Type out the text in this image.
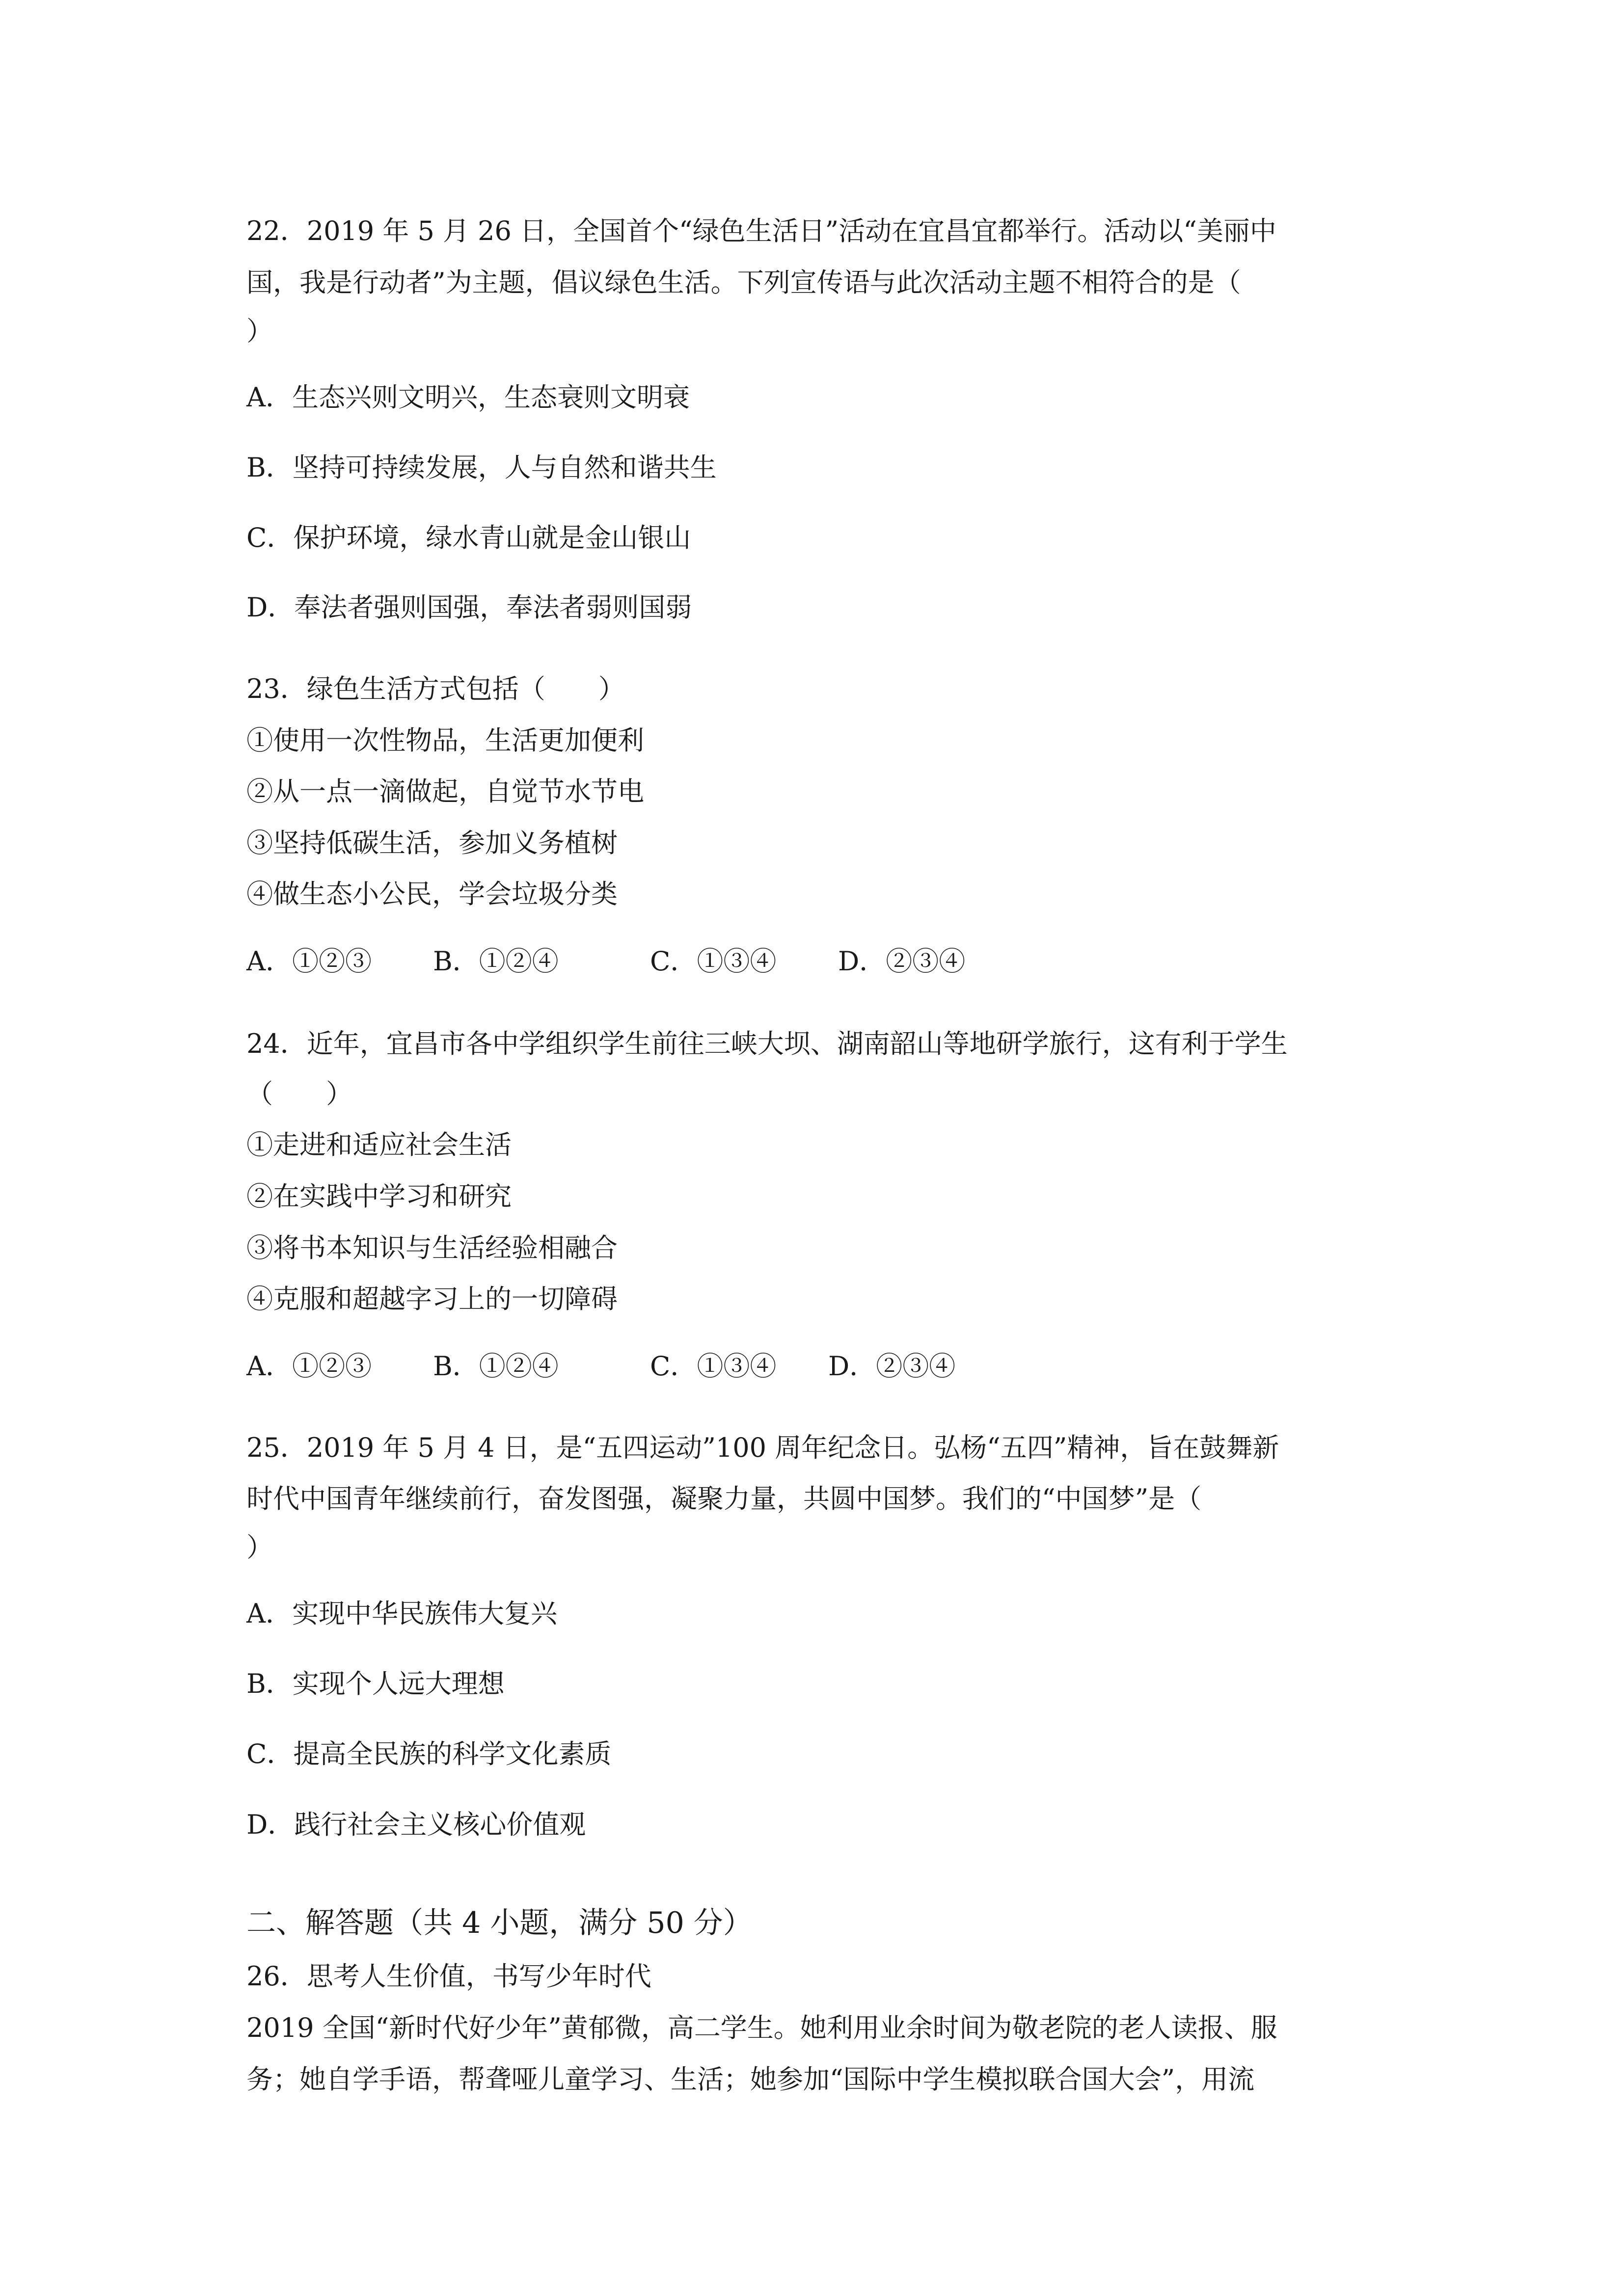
22．2019 年 5 月 26 日，全国首个“绿色生活日”活动在宜昌宜都举行。活动以“美丽中
国，我是行动者”为主题，倡议绿色生活。下列宣传语与此次活动主题不相符合的是（
）
A．生态兴则文明兴，生态衰则文明衰
B．坚持可持续发展，人与自然和谐共生
C．保护环境，绿水青山就是金山银山
D．奉法者强则国强，奉法者弱则国弱
23．绿色生活方式包括（　　）
①使用一次性物品，生活更加便利
②从一点一滴做起，自觉节水节电
③坚持低碳生活，参加义务植树
④做生态小公民，学会垃圾分类
A．①②③ B．①②④	C．①③④ D．②③④
24．近年，宜昌市各中学组织学生前往三峡大坝、湖南韶山等地研学旅行，这有利于学生
（　　）
①走进和适应社会生活
②在实践中学习和研究
③将书本知识与生活经验相融合
④克服和超越字习上的一切障碍
A．①②③ B．①②④	C．①③④ D．②③④
25．2019 年 5 月 4 日，是“五四运动”100 周年纪念日。弘杨“五四”精神，旨在鼓舞新
时代中国青年继续前行，奋发图强，凝聚力量，共圆中国梦。我们的“中国梦”是（
）
A．实现中华民族伟大复兴
B．实现个人远大理想
C．提高全民族的科学文化素质
D．践行社会主义核心价值观
二、解答题（共 4 小题，满分 50 分）
26．思考人生价值，书写少年时代
2019 全国“新时代好少年”黄郁微，高二学生。她利用业余时间为敬老院的老人读报、服
务；她自学手语，帮聋哑儿童学习、生活；她参加“国际中学生模拟联合国大会”，用流
